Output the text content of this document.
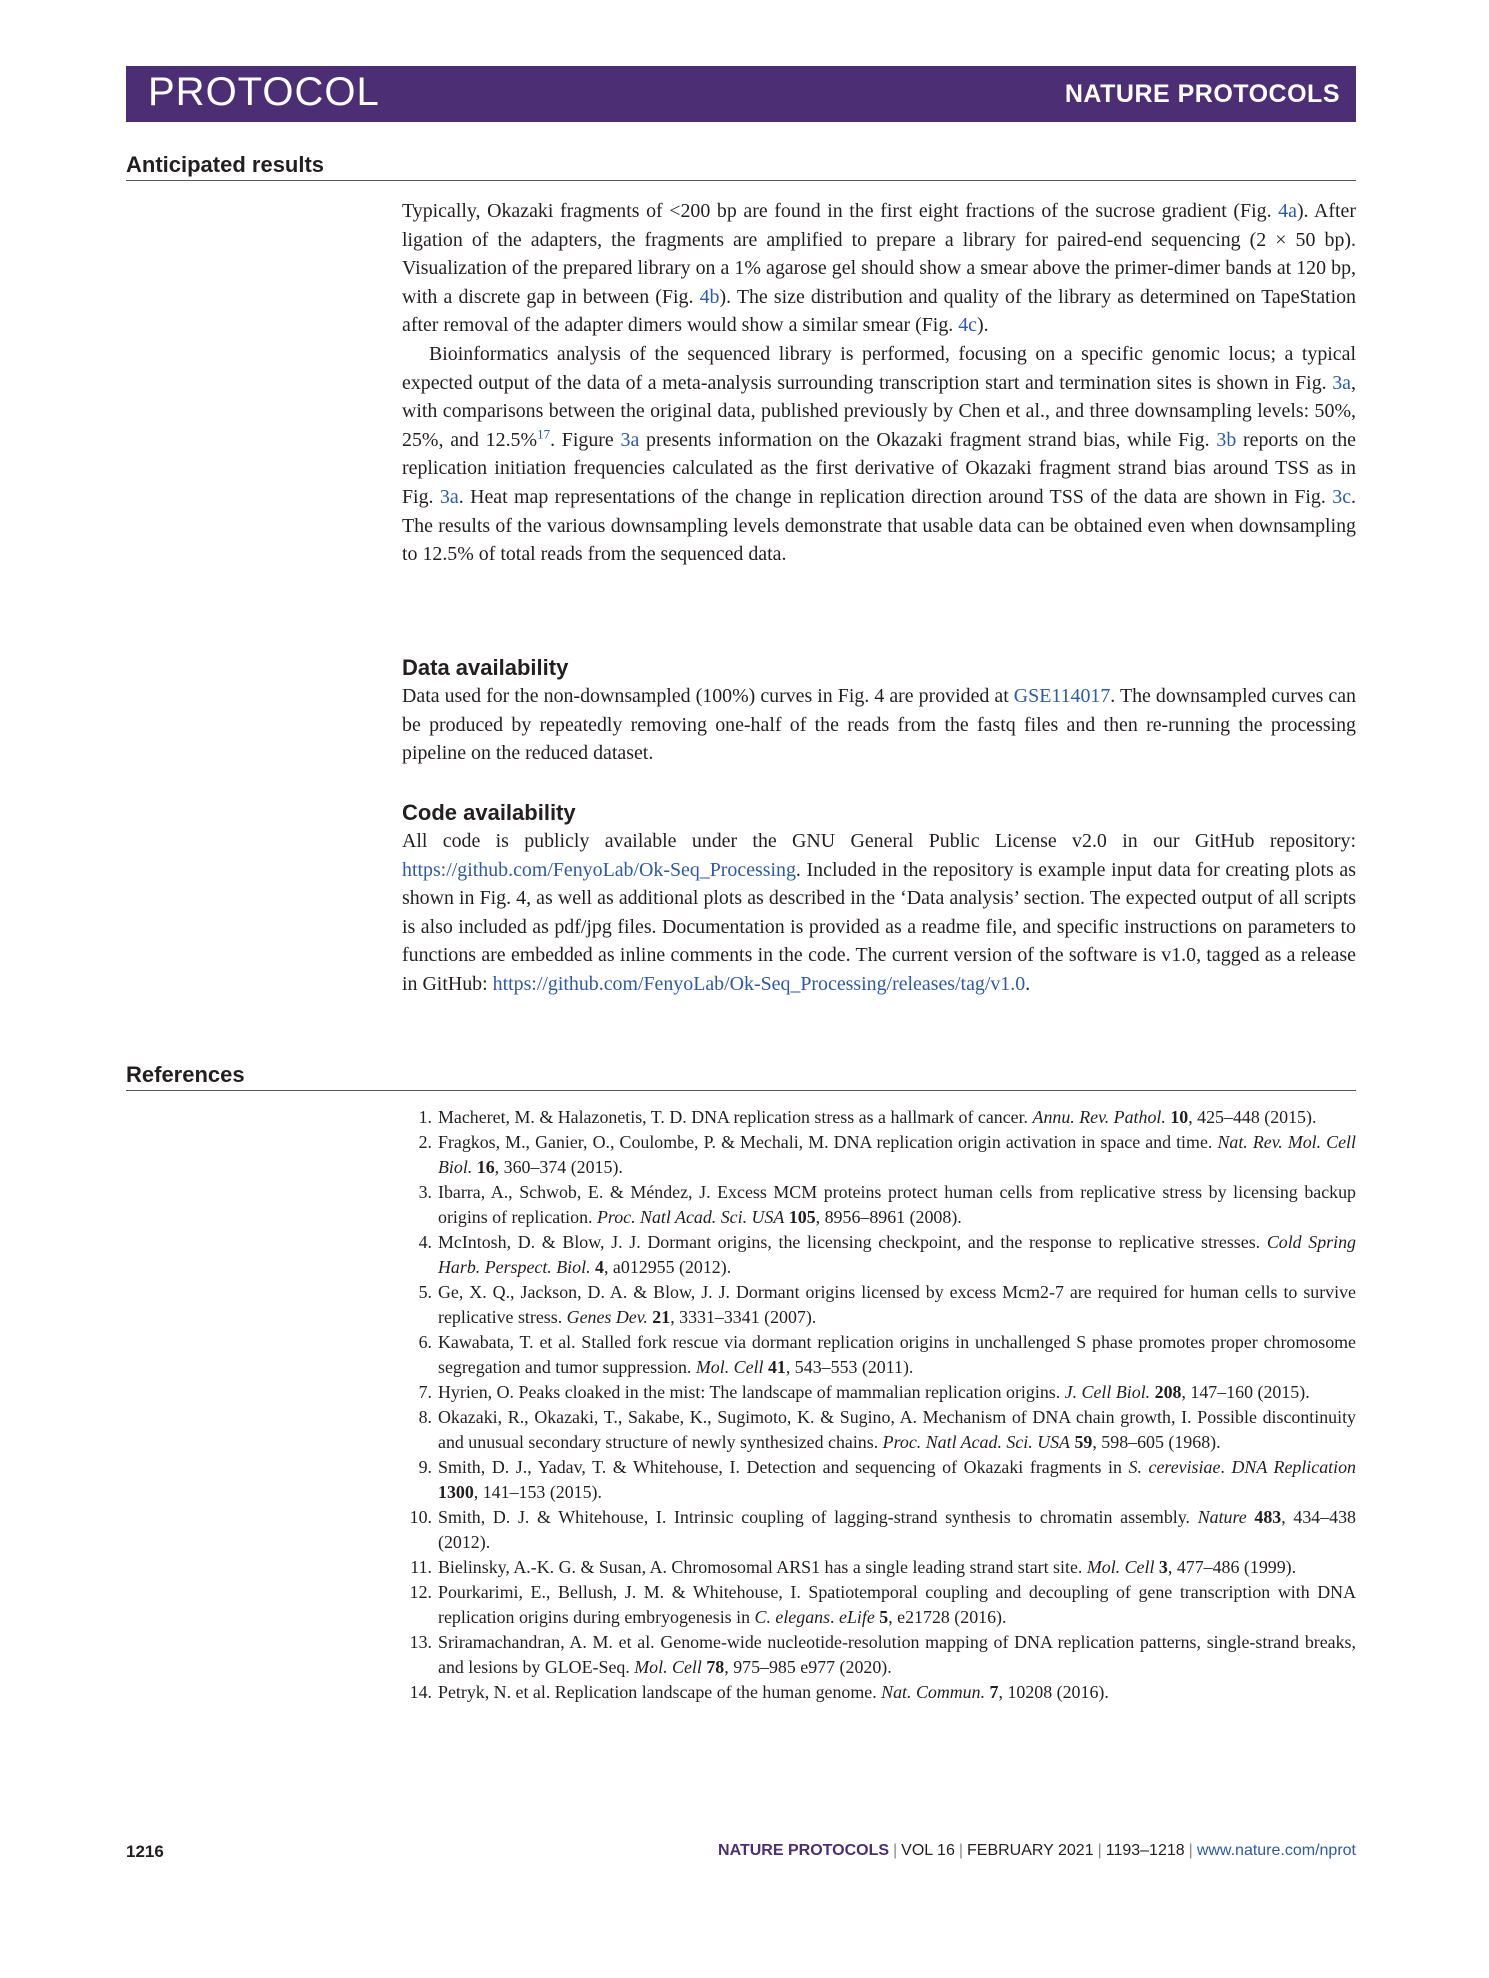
PROTOCOL	NATURE PROTOCOLS
Anticipated results

Typically, Okazaki fragments of <200 bp are found in the first eight fractions of the sucrose gradient (Fig. 4a). After ligation of the adapters, the fragments are amplified to prepare a library for paired-end sequencing (2 × 50 bp). Visualization of the prepared library on a 1% agarose gel should show a smear above the primer-dimer bands at 120 bp, with a discrete gap in between (Fig. 4b). The size distribution and quality of the library as determined on TapeStation after removal of the adapter dimers would show a similar smear (Fig. 4c).

Bioinformatics analysis of the sequenced library is performed, focusing on a specific genomic locus; a typical expected output of the data of a meta-analysis surrounding transcription start and termination sites is shown in Fig. 3a, with comparisons between the original data, published previously by Chen et al., and three downsampling levels: 50%, 25%, and 12.5%$^{17}$. Figure 3a presents information on the Okazaki fragment strand bias, while Fig. 3b reports on the replication initiation frequencies calculated as the first derivative of Okazaki fragment strand bias around TSS as in Fig. 3a. Heat map representations of the change in replication direction around TSS of the data are shown in Fig. 3c. The results of the various downsampling levels demonstrate that usable data can be obtained even when downsampling to 12.5% of total reads from the sequenced data.

Data availability

Data used for the non-downsampled (100%) curves in Fig. 4 are provided at GSE114017. The downsampled curves can be produced by repeatedly removing one-half of the reads from the fastq files and then re-running the processing pipeline on the reduced dataset.

Code availability

All code is publicly available under the GNU General Public License v2.0 in our GitHub repository: https://github.com/FenyoLab/Ok-Seq_Processing. Included in the repository is example input data for creating plots as shown in Fig. 4, as well as additional plots as described in the ‘Data analysis’ section. The expected output of all scripts is also included as pdf/jpg files. Documentation is provided as a readme file, and specific instructions on parameters to functions are embedded as inline comments in the code. The current version of the software is v1.0, tagged as a release in GitHub: https://github.com/FenyoLab/Ok-Seq_Processing/releases/tag/v1.0.

References
1. Macheret, M. & Halazonetis, T. D. DNA replication stress as a hallmark of cancer. Annu. Rev. Pathol. 10, 425–448 (2015).
2. Fragkos, M., Ganier, O., Coulombe, P. & Mechali, M. DNA replication origin activation in space and time. Nat. Rev. Mol. Cell Biol. 16, 360–374 (2015).
3. Ibarra, A., Schwob, E. & Méndez, J. Excess MCM proteins protect human cells from replicative stress by licensing backup origins of replication. Proc. Natl Acad. Sci. USA 105, 8956–8961 (2008).
4. McIntosh, D. & Blow, J. J. Dormant origins, the licensing checkpoint, and the response to replicative stresses. Cold Spring Harb. Perspect. Biol. 4, a012955 (2012).
5. Ge, X. Q., Jackson, D. A. & Blow, J. J. Dormant origins licensed by excess Mcm2-7 are required for human cells to survive replicative stress. Genes Dev. 21, 3331–3341 (2007).
6. Kawabata, T. et al. Stalled fork rescue via dormant replication origins in unchallenged S phase promotes proper chromosome segregation and tumor suppression. Mol. Cell 41, 543–553 (2011).
7. Hyrien, O. Peaks cloaked in the mist: The landscape of mammalian replication origins. J. Cell Biol. 208, 147–160 (2015).
8. Okazaki, R., Okazaki, T., Sakabe, K., Sugimoto, K. & Sugino, A. Mechanism of DNA chain growth, I. Possible discontinuity and unusual secondary structure of newly synthesized chains. Proc. Natl Acad. Sci. USA 59, 598–605 (1968).
9. Smith, D. J., Yadav, T. & Whitehouse, I. Detection and sequencing of Okazaki fragments in S. cerevisiae. DNA Replication 1300, 141–153 (2015).
10. Smith, D. J. & Whitehouse, I. Intrinsic coupling of lagging-strand synthesis to chromatin assembly. Nature 483, 434–438 (2012).
11. Bielinsky, A.-K. G. & Susan, A. Chromosomal ARS1 has a single leading strand start site. Mol. Cell 3, 477–486 (1999).
12. Pourkarimi, E., Bellush, J. M. & Whitehouse, I. Spatiotemporal coupling and decoupling of gene transcription with DNA replication origins during embryogenesis in C. elegans. eLife 5, e21728 (2016).
13. Sriramachandran, A. M. et al. Genome-wide nucleotide-resolution mapping of DNA replication patterns, single-strand breaks, and lesions by GLOE-Seq. Mol. Cell 78, 975–985 e977 (2020).
14. Petryk, N. et al. Replication landscape of the human genome. Nat. Commun. 7, 10208 (2016).
1216	NATURE PROTOCOLS | VOL 16 | FEBRUARY 2021 | 1193–1218 | www.nature.com/nprot
